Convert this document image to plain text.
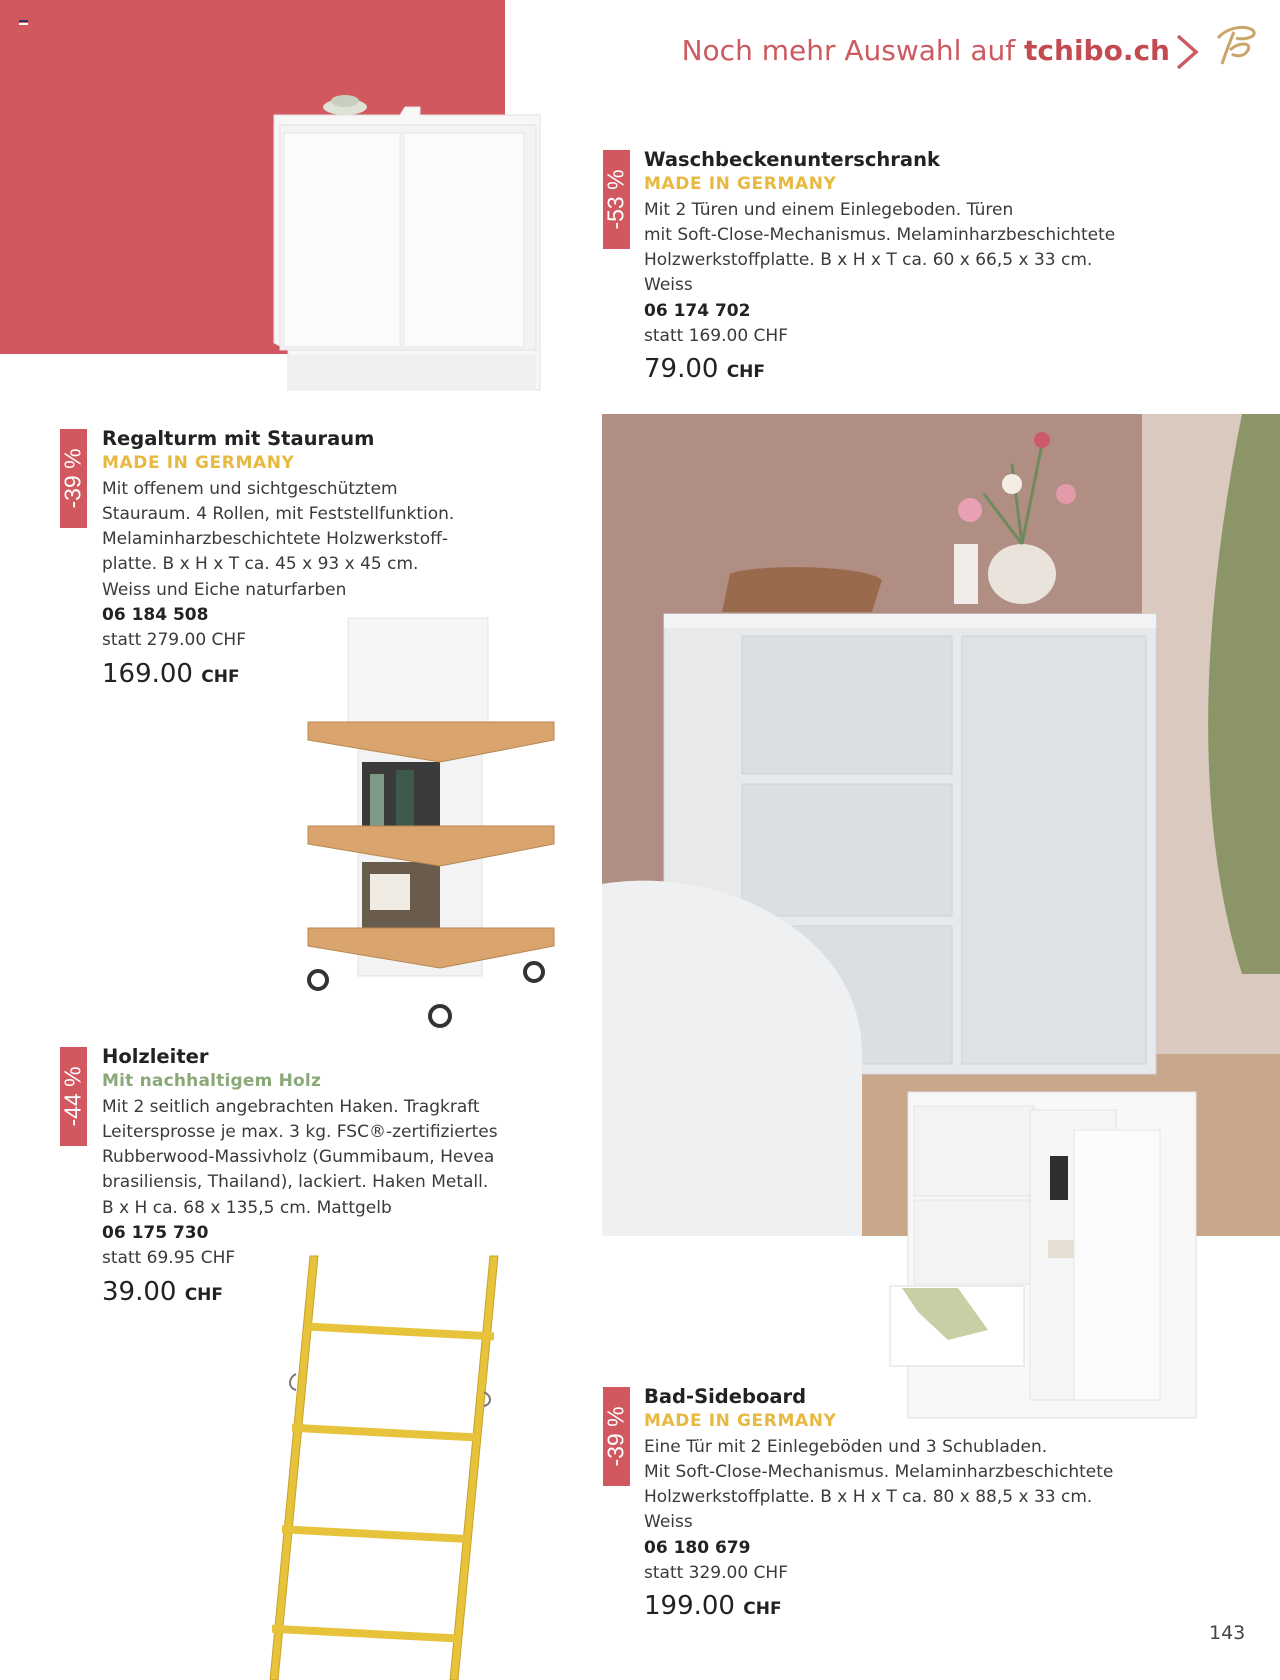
Noch mehr Auswahl auf tchibo.ch
-53 %
Waschbeckenunterschrank
MADE IN GERMANY
Mit 2 Türen und einem Einlegeboden. Türen
mit Soft-Close-Mechanismus. Melaminharzbeschichtete
Holzwerkstoffplatte. B x H x T ca. 60 x 66,5 x 33 cm.
Weiss
06 174 702
statt 169.00 CHF
79.00 CHF
-39 %
Regalturm mit Stauraum
MADE IN GERMANY
Mit offenem und sichtgeschütztem
Stauraum. 4 Rollen, mit Feststellfunktion.
Melaminharzbeschichtete Holzwerkstoff-
platte. B x H x T ca. 45 x 93 x 45 cm.
Weiss und Eiche naturfarben
06 184 508
statt 279.00 CHF
169.00 CHF
-44 %
Holzleiter
Mit nachhaltigem Holz
Mit 2 seitlich angebrachten Haken. Tragkraft
Leitersprosse je max. 3 kg. FSC®-zertifiziertes
Rubberwood-Massivholz (Gummibaum, Hevea
brasiliensis, Thailand), lackiert. Haken Metall.
B x H ca. 68 x 135,5 cm. Mattgelb
06 175 730
statt 69.95 CHF
39.00 CHF
-39 %
Bad-Sideboard
MADE IN GERMANY
Eine Tür mit 2 Einlegeböden und 3 Schubladen.
Mit Soft-Close-Mechanismus. Melaminharzbeschichtete
Holzwerkstoffplatte. B x H x T ca. 80 x 88,5 x 33 cm.
Weiss
06 180 679
statt 329.00 CHF
199.00 CHF
143
